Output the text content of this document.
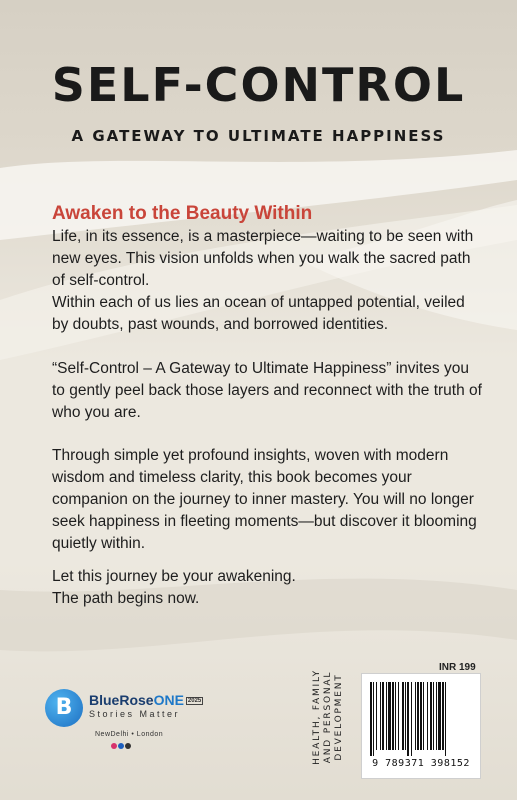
SELF-CONTROL
A GATEWAY TO ULTIMATE HAPPINESS
Awaken to the Beauty Within

Life, in its essence, is a masterpiece—waiting to be seen with new eyes. This vision unfolds when you walk the sacred path of self-control.

Within each of us lies an ocean of untapped potential, veiled by doubts, past wounds, and borrowed identities.

“Self-Control – A Gateway to Ultimate Happiness” invites you to gently peel back those layers and reconnect with the truth of who you are.

Through simple yet profound insights, woven with modern wisdom and timeless clarity, this book becomes your companion on the journey to inner mastery. You will no longer seek happiness in fleeting moments—but discover it blooming quietly within.

Let this journey be your awakening.
The path begins now.

B	BlueRoseONE 2025
Stories Matter
NewDelhi • London	HEALTH, FAMILY AND PERSONAL DEVELOPMENT
INR 199
9 789371 398152
